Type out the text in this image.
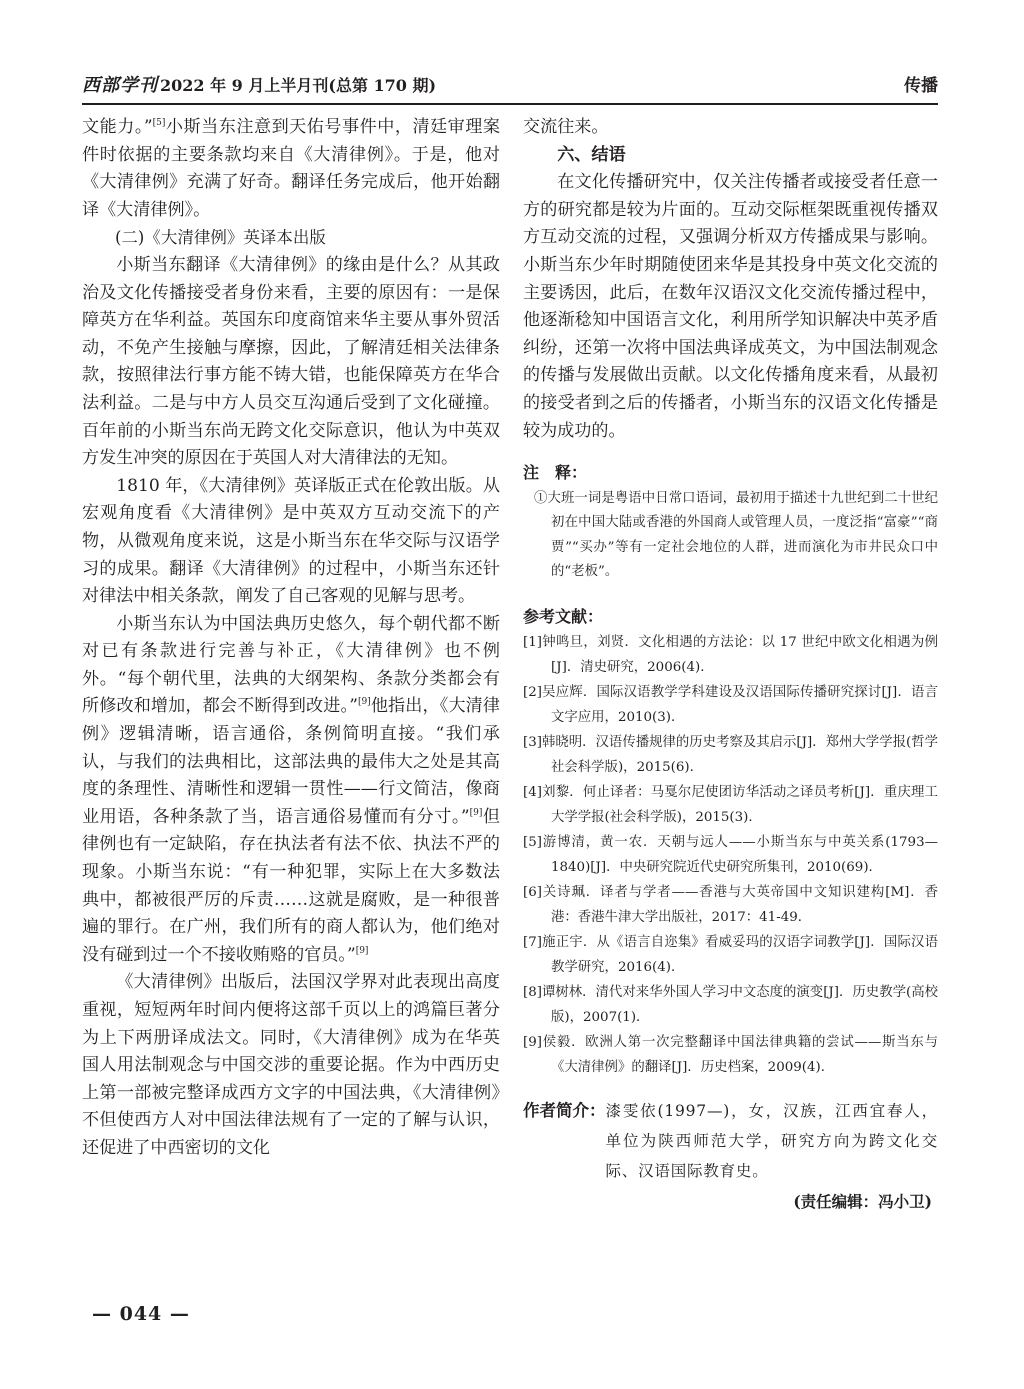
西部学刊 2022 年 9 月上半月刊(总第 170 期)	传播

文能力。”[5]小斯当东注意到天佑号事件中，清廷审理案件时依据的主要条款均来自《大清律例》。于是，他对《大清律例》充满了好奇。翻译任务完成后，他开始翻译《大清律例》。

(二)《大清律例》英译本出版

小斯当东翻译《大清律例》的缘由是什么？从其政治及文化传播接受者身份来看，主要的原因有：一是保障英方在华利益。英国东印度商馆来华主要从事外贸活动，不免产生接触与摩擦，因此，了解清廷相关法律条款，按照律法行事方能不铸大错，也能保障英方在华合法利益。二是与中方人员交互沟通后受到了文化碰撞。百年前的小斯当东尚无跨文化交际意识，他认为中英双方发生冲突的原因在于英国人对大清律法的无知。

1810 年，《大清律例》英译版正式在伦敦出版。从宏观角度看《大清律例》是中英双方互动交流下的产物，从微观角度来说，这是小斯当东在华交际与汉语学习的成果。翻译《大清律例》的过程中，小斯当东还针对律法中相关条款，阐发了自己客观的见解与思考。

小斯当东认为中国法典历史悠久，每个朝代都不断对已有条款进行完善与补正，《大清律例》也不例外。“每个朝代里，法典的大纲架构、条款分类都会有所修改和增加，都会不断得到改进。”[9]他指出，《大清律例》逻辑清晰，语言通俗，条例简明直接。“我们承认，与我们的法典相比，这部法典的最伟大之处是其高度的条理性、清晰性和逻辑一贯性——行文简洁，像商业用语，各种条款了当，语言通俗易懂而有分寸。”[9]但律例也有一定缺陷，存在执法者有法不依、执法不严的现象。小斯当东说：“有一种犯罪，实际上在大多数法典中，都被很严厉的斥责……这就是腐败，是一种很普遍的罪行。在广州，我们所有的商人都认为，他们绝对没有碰到过一个不接收贿赂的官员。”[9]

《大清律例》出版后，法国汉学界对此表现出高度重视，短短两年时间内便将这部千页以上的鸿篇巨著分为上下两册译成法文。同时，《大清律例》成为在华英国人用法制观念与中国交涉的重要论据。作为中西历史上第一部被完整译成西方文字的中国法典，《大清律例》不但使西方人对中国法律法规有了一定的了解与认识，还促进了中西密切的文化

交流往来。

六、结语

在文化传播研究中，仅关注传播者或接受者任意一方的研究都是较为片面的。互动交际框架既重视传播双方互动交流的过程，又强调分析双方传播成果与影响。小斯当东少年时期随使团来华是其投身中英文化交流的主要诱因，此后，在数年汉语汉文化交流传播过程中，他逐渐稔知中国语言文化，利用所学知识解决中英矛盾纠纷，还第一次将中国法典译成英文，为中国法制观念的传播与发展做出贡献。以文化传播角度来看，从最初的接受者到之后的传播者，小斯当东的汉语文化传播是较为成功的。

注　释：

①大班一词是粤语中日常口语词，最初用于描述十九世纪到二十世纪初在中国大陆或香港的外国商人或管理人员，一度泛指“富豪”“商贾”“买办”等有一定社会地位的人群，进而演化为市井民众口中的“老板”。

参考文献：

[1]钟鸣旦，刘贤．文化相遇的方法论：以 17 世纪中欧文化相遇为例[J]．清史研究，2006(4)．
[2]吴应辉．国际汉语教学学科建设及汉语国际传播研究探讨[J]．语言文字应用，2010(3)．
[3]韩晓明．汉语传播规律的历史考察及其启示[J]．郑州大学学报(哲学社会科学版)，2015(6)．
[4]刘黎．何止译者：马戛尔尼使团访华活动之译员考析[J]．重庆理工大学学报(社会科学版)，2015(3)．
[5]游博清，黄一农．天朝与远人——小斯当东与中英关系(1793—1840)[J]．中央研究院近代史研究所集刊，2010(69)．
[6]关诗珮．译者与学者——香港与大英帝国中文知识建构[M]．香港：香港牛津大学出版社，2017：41-49．
[7]施正宇．从《语言自迩集》看威妥玛的汉语字词教学[J]．国际汉语教学研究，2016(4)．
[8]谭树林．清代对来华外国人学习中文态度的演变[J]．历史教学(高校版)，2007(1)．
[9]侯毅．欧洲人第一次完整翻译中国法律典籍的尝试——斯当东与《大清律例》的翻译[J]．历史档案，2009(4)．
作者简介： 漆雯依(1997—)，女，汉族，江西宜春人，单位为陕西师范大学，研究方向为跨文化交际、汉语国际教育史。
(责任编辑：冯小卫)
— 044 —
